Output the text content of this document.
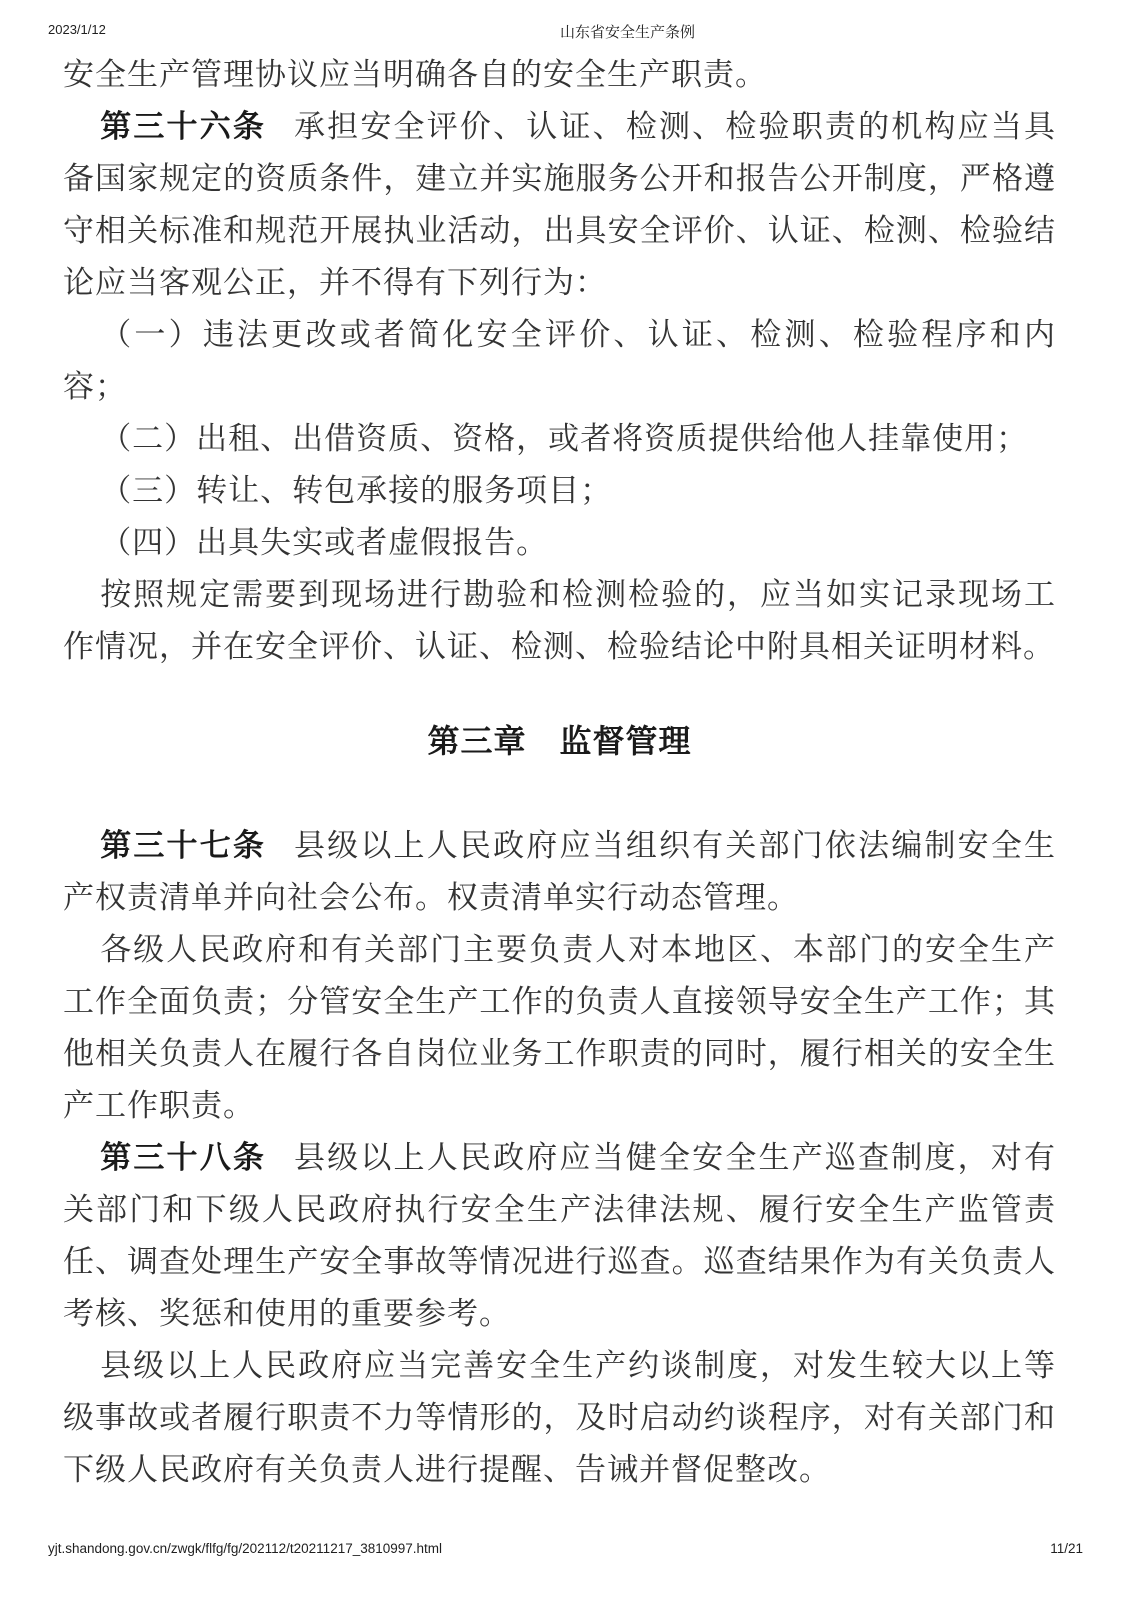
2023/1/12	山东省安全生产条例

安全生产管理协议应当明确各自的安全生产职责。

第三十六条 承担安全评价、认证、检测、检验职责的机构应当具备国家规定的资质条件，建立并实施服务公开和报告公开制度，严格遵守相关标准和规范开展执业活动，出具安全评价、认证、检测、检验结论应当客观公正，并不得有下列行为：

（一）违法更改或者简化安全评价、认证、检测、检验程序和内容；

（二）出租、出借资质、资格，或者将资质提供给他人挂靠使用；

（三）转让、转包承接的服务项目；

（四）出具失实或者虚假报告。

按照规定需要到现场进行勘验和检测检验的，应当如实记录现场工作情况，并在安全评价、认证、检测、检验结论中附具相关证明材料。

第三章　监督管理

第三十七条 县级以上人民政府应当组织有关部门依法编制安全生产权责清单并向社会公布。权责清单实行动态管理。

各级人民政府和有关部门主要负责人对本地区、本部门的安全生产工作全面负责；分管安全生产工作的负责人直接领导安全生产工作；其他相关负责人在履行各自岗位业务工作职责的同时，履行相关的安全生产工作职责。

第三十八条 县级以上人民政府应当健全安全生产巡查制度，对有关部门和下级人民政府执行安全生产法律法规、履行安全生产监管责任、调查处理生产安全事故等情况进行巡查。巡查结果作为有关负责人考核、奖惩和使用的重要参考。

县级以上人民政府应当完善安全生产约谈制度，对发生较大以上等级事故或者履行职责不力等情形的，及时启动约谈程序，对有关部门和下级人民政府有关负责人进行提醒、告诫并督促整改。

yjt.shandong.gov.cn/zwgk/flfg/fg/202112/t20211217_3810997.html	11/21
